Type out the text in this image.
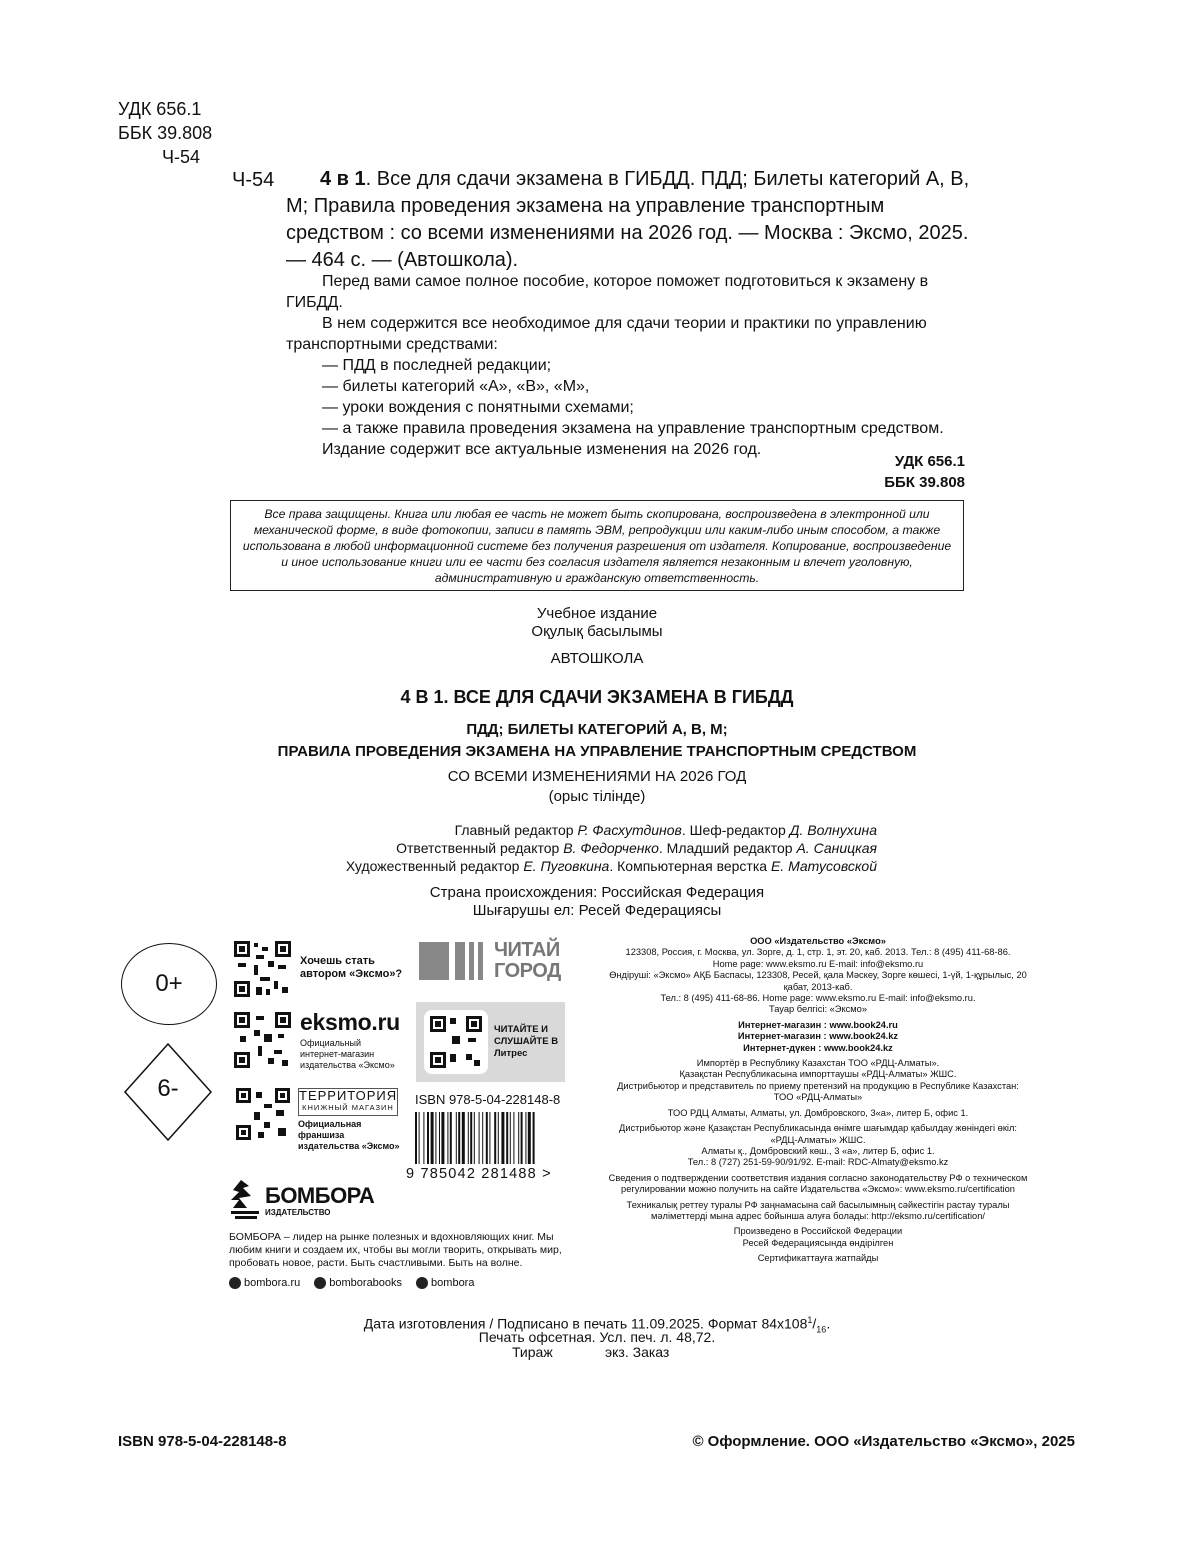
УДК 656.1
ББК 39.808
Ч-54
Ч-54	4 в 1. Все для сдачи экзамена в ГИБДД. ПДД; Билеты категорий А, В, М; Правила проведения экзамена на управление транспортным средством : со всеми изменениями на 2026 год. — Москва : Эксмо, 2025. — 464 с. — (Автошкола).

Перед вами самое полное пособие, которое поможет подготовиться к экзамену в ГИБДД.

В нем содержится все необходимое для сдачи теории и практики по управлению транспортными средствами:

— ПДД в последней редакции;

— билеты категорий «А», «В», «М»,

— уроки вождения с понятными схемами;

— а также правила проведения экзамена на управление транспортным средством.

Издание содержит все актуальные изменения на 2026 год.

УДК 656.1
ББК 39.808
Все права защищены. Книга или любая ее часть не может быть скопирована, воспроизведена в электронной или механической форме, в виде фотокопии, записи в память ЭВМ, репродукции или каким-либо иным способом, а также использована в любой информационной системе без получения разрешения от издателя. Копирование, воспроизведение и иное использование книги или ее части без согласия издателя является незаконным и влечет уголовную, административную и гражданскую ответственность.
Учебное издание
Оқулық басылымы
АВТОШКОЛА
4 В 1. ВСЕ ДЛЯ СДАЧИ ЭКЗАМЕНА В ГИБДД
ПДД; БИЛЕТЫ КАТЕГОРИЙ А, В, М;
ПРАВИЛА ПРОВЕДЕНИЯ ЭКЗАМЕНА НА УПРАВЛЕНИЕ ТРАНСПОРТНЫМ СРЕДСТВОМ
СО ВСЕМИ ИЗМЕНЕНИЯМИ НА 2026 ГОД
(орыс тілінде)
Главный редактор Р. Фасхутдинов. Шеф-редактор Д. Волнухина
Ответственный редактор В. Федорченко. Младший редактор А. Саницкая
Художественный редактор Е. Пуговкина. Компьютерная верстка Е. Матусовской
Страна происхождения: Российская Федерация
Шығарушы ел: Ресей Федерациясы
0+
6-
Хочешь стать автором «Эксмо»?
eksmo.ru
Официальный интернет-магазин издательства «Эксмо»
ТЕРРИТОРИЯ
КНИЖНЫЙ МАГАЗИН
Официальная франшиза издательства «Эксмо»
ЧИТАЙ
ГОРОД
ЧИТАЙТЕ И СЛУШАЙТЕ В Литрес
ISBN 978-5-04-228148-8
9 785042 281488 >

ООО «Издательство «Эксмо»
123308, Россия, г. Москва, ул. Зорге, д. 1, стр. 1, эт. 20, каб. 2013. Тел.: 8 (495) 411-68-86.
Home page: www.eksmo.ru E-mail: info@eksmo.ru
Өндіруші: «Эксмо» АҚБ Баспасы, 123308, Ресей, қала Мәскеу, Зорге көшесі, 1-үй, 1-құрылыс, 20 қабат, 2013-каб.
Тел.: 8 (495) 411-68-86. Home page: www.eksmo.ru E-mail: info@eksmo.ru.
Тауар белгісі: «Эксмо»

Интернет-магазин : www.book24.ru
Интернет-магазин : www.book24.kz
Интернет-дүкен : www.book24.kz

Импортёр в Республику Казахстан ТОО «РДЦ-Алматы».
Қазақстан Республикасына импорттаушы «РДЦ-Алматы» ЖШС.
Дистрибьютор и представитель по приему претензий на продукцию в Республике Казахстан: ТОО «РДЦ-Алматы»

ТОО РДЦ Алматы, Алматы, ул. Домбровского, 3«а», литер Б, офис 1.

Дистрибьютор және Қазақстан Республикасында өнімге шағымдар қабылдау жөніндегі өкіл: «РДЦ-Алматы» ЖШС.
Алматы қ., Домбровский көш., 3 «а», литер Б, офис 1.
Тел.: 8 (727) 251-59-90/91/92. E-mail: RDC-Almaty@eksmo.kz

Сведения о подтверждении соответствия издания согласно законодательству РФ о техническом регулировании можно получить на сайте Издательства «Эксмо»: www.eksmo.ru/certification

Техникалық реттеу туралы РФ заңнамасына сай басылымның сәйкестігін растау туралы мәліметтерді мына адрес бойынша алуға болады: http://eksmo.ru/certification/

Произведено в Российской Федерации
Ресей Федерациясында өндірілген

Сертификаттауға жатпайды

БОМБОРА
ИЗДАТЕЛЬСТВО
БОМБОРА – лидер на рынке полезных и вдохновляющих книг. Мы любим книги и создаем их, чтобы вы могли творить, открывать мир, пробовать новое, расти. Быть счастливыми. Быть на волне.
bombora.ru	bomborabooks	bombora
Дата изготовления / Подписано в печать 11.09.2025. Формат $84x108^1/_{16}$.
Печать офсетная. Усл. печ. л. 48,72.
Тираж	экз. Заказ
ISBN 978-5-04-228148-8	© Оформление. ООО «Издательство «Эксмо», 2025
